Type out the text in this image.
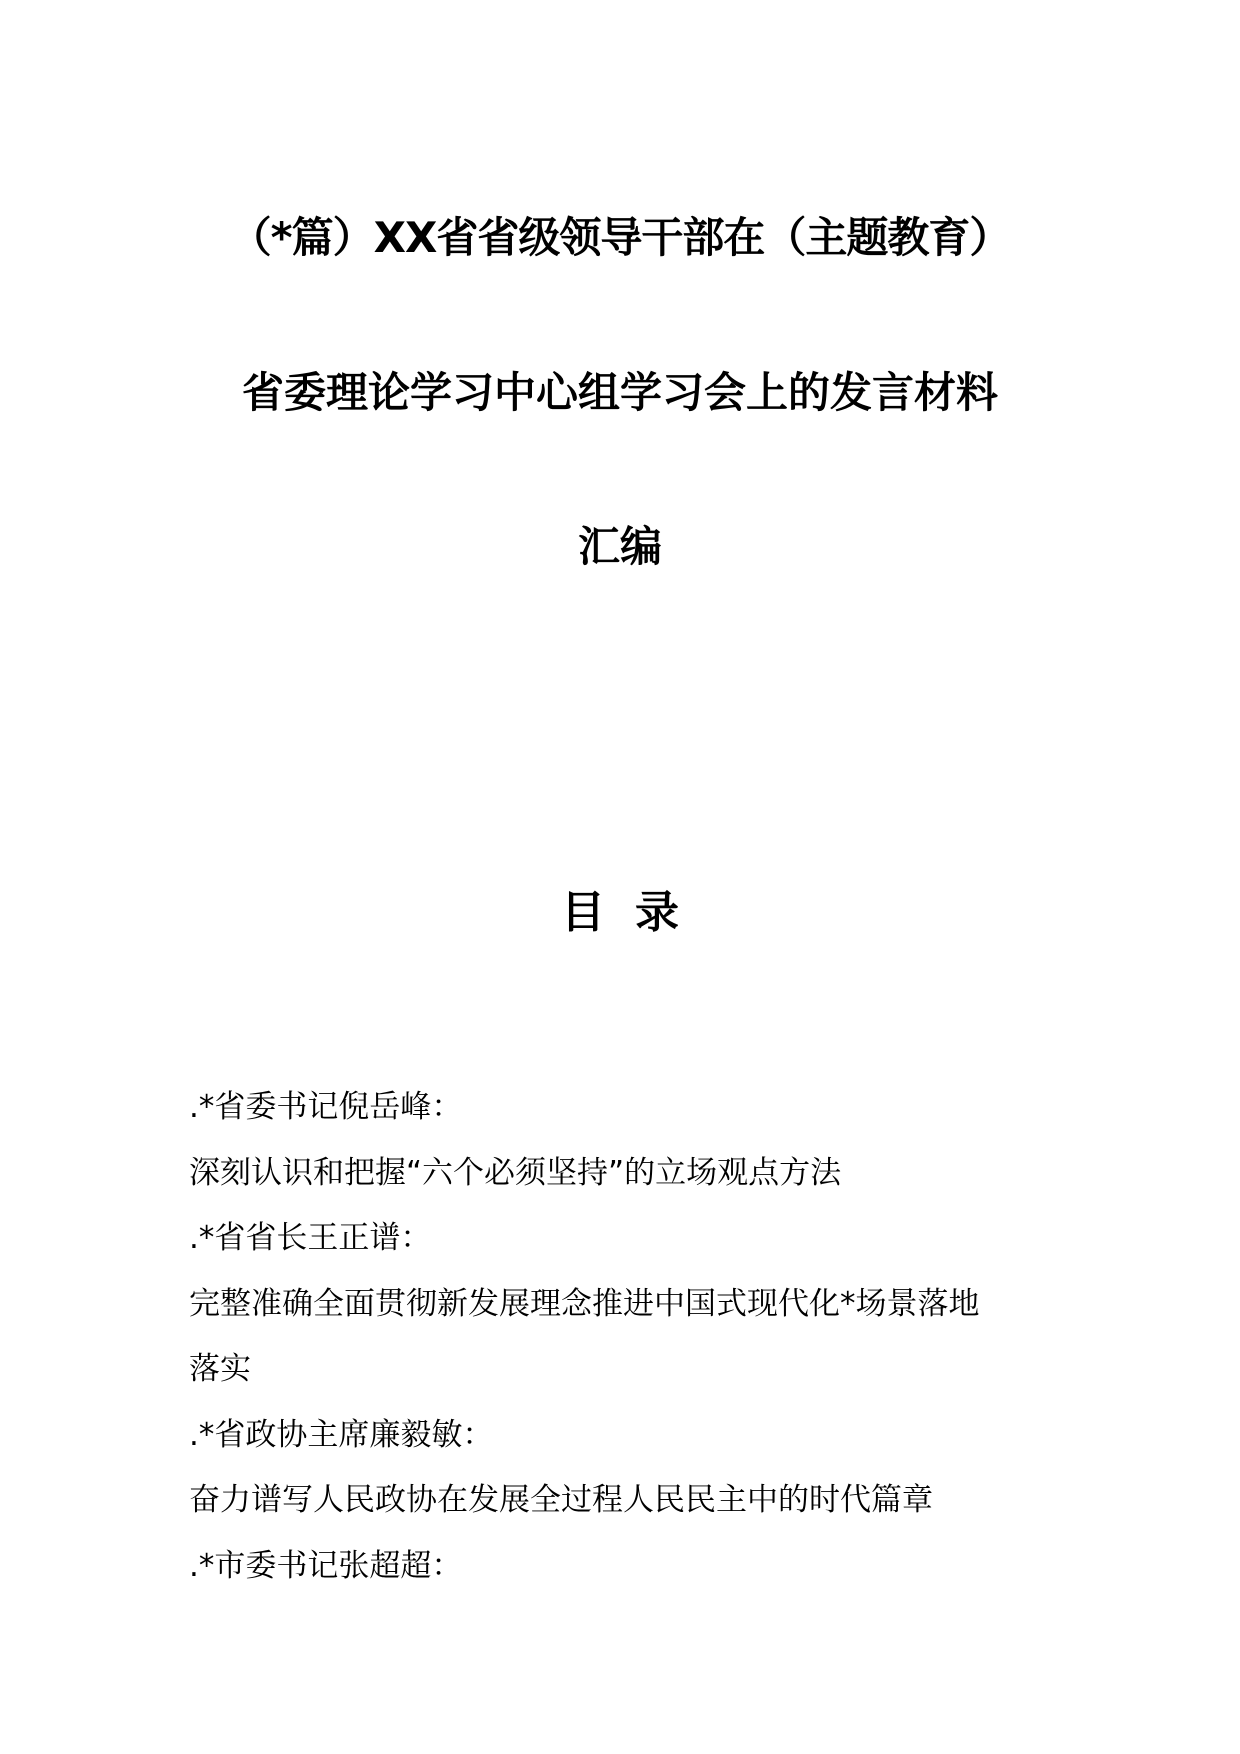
（*篇）XX省省级领导干部在（主题教育）
省委理论学习中心组学习会上的发言材料
汇编
目录
.*省委书记倪岳峰：
深刻认识和把握“六个必须坚持”的立场观点方法
.*省省长王正谱：
完整准确全面贯彻新发展理念推进中国式现代化*场景落地
落实
.*省政协主席廉毅敏：
奋力谱写人民政协在发展全过程人民民主中的时代篇章
.*市委书记张超超：
